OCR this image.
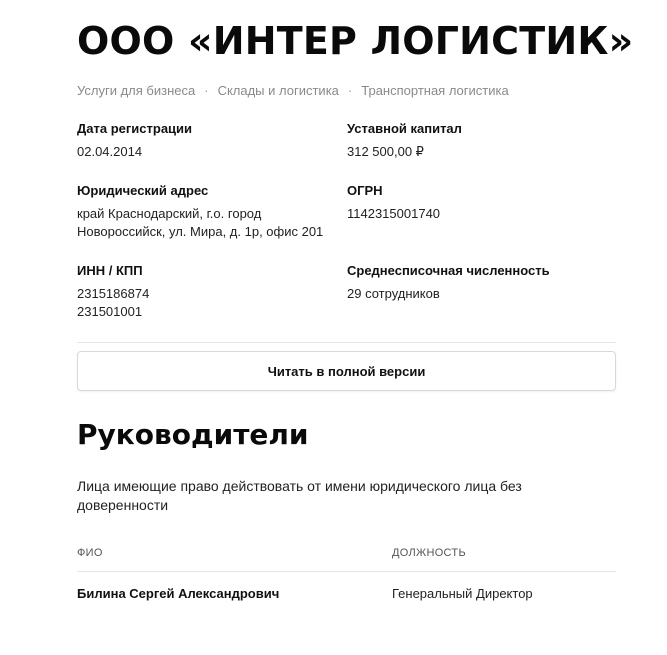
ООО «ИНТЕР ЛОГИСТИК»
Услуги для бизнеса · Склады и логистика · Транспортная логистика
Дата регистрации
02.04.2014
Уставной капитал
312 500,00 ₽
Юридический адрес
край Краснодарский, г.о. город
Новороссийск, ул. Мира, д. 1р, офис 201
ОГРН
1142315001740
ИНН / КПП
2315186874
231501001
Среднесписочная численность
29 сотрудников
Читать в полной версии
Руководители
Лица имеющие право действовать от имени юридического лица без доверенности
ФИО	ДОЛЖНОСТЬ
Билина Сергей Александрович	Генеральный Директор
